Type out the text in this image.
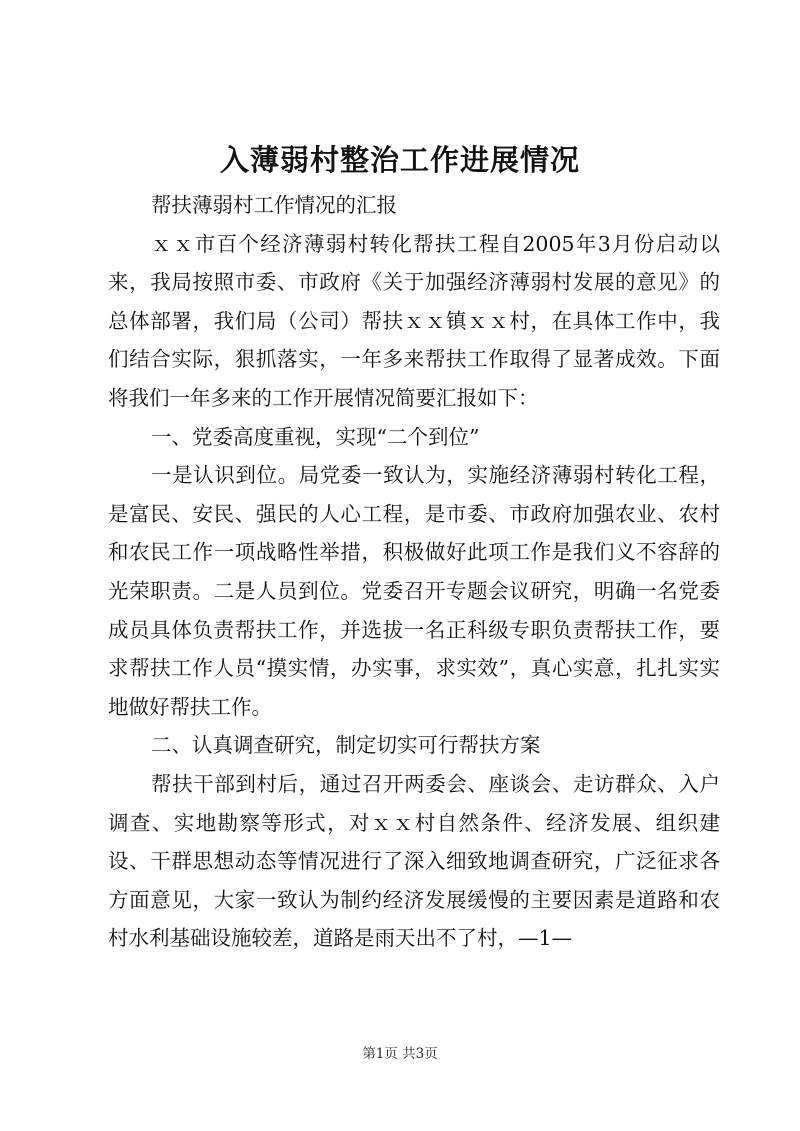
入薄弱村整治工作进展情况

帮扶薄弱村工作情况的汇报

ｘｘ市百个经济薄弱村转化帮扶工程自2005年3月份启动以来，我局按照市委、市政府《关于加强经济薄弱村发展的意见》的总体部署，我们局（公司）帮扶ｘｘ镇ｘｘ村，在具体工作中，我们结合实际，狠抓落实，一年多来帮扶工作取得了显著成效。下面将我们一年多来的工作开展情况简要汇报如下：

一、党委高度重视，实现“二个到位”

一是认识到位。局党委一致认为，实施经济薄弱村转化工程，是富民、安民、强民的人心工程，是市委、市政府加强农业、农村和农民工作一项战略性举措，积极做好此项工作是我们义不容辞的光荣职责。二是人员到位。党委召开专题会议研究，明确一名党委成员具体负责帮扶工作，并选拔一名正科级专职负责帮扶工作，要求帮扶工作人员“摸实情，办实事，求实效”，真心实意，扎扎实实地做好帮扶工作。

二、认真调查研究，制定切实可行帮扶方案

帮扶干部到村后，通过召开两委会、座谈会、走访群众、入户调查、实地勘察等形式，对ｘｘ村自然条件、经济发展、组织建设、干群思想动态等情况进行了深入细致地调查研究，广泛征求各方面意见，大家一致认为制约经济发展缓慢的主要因素是道路和农村水利基础设施较差，道路是雨天出不了村，—1—

第1页 共3页
